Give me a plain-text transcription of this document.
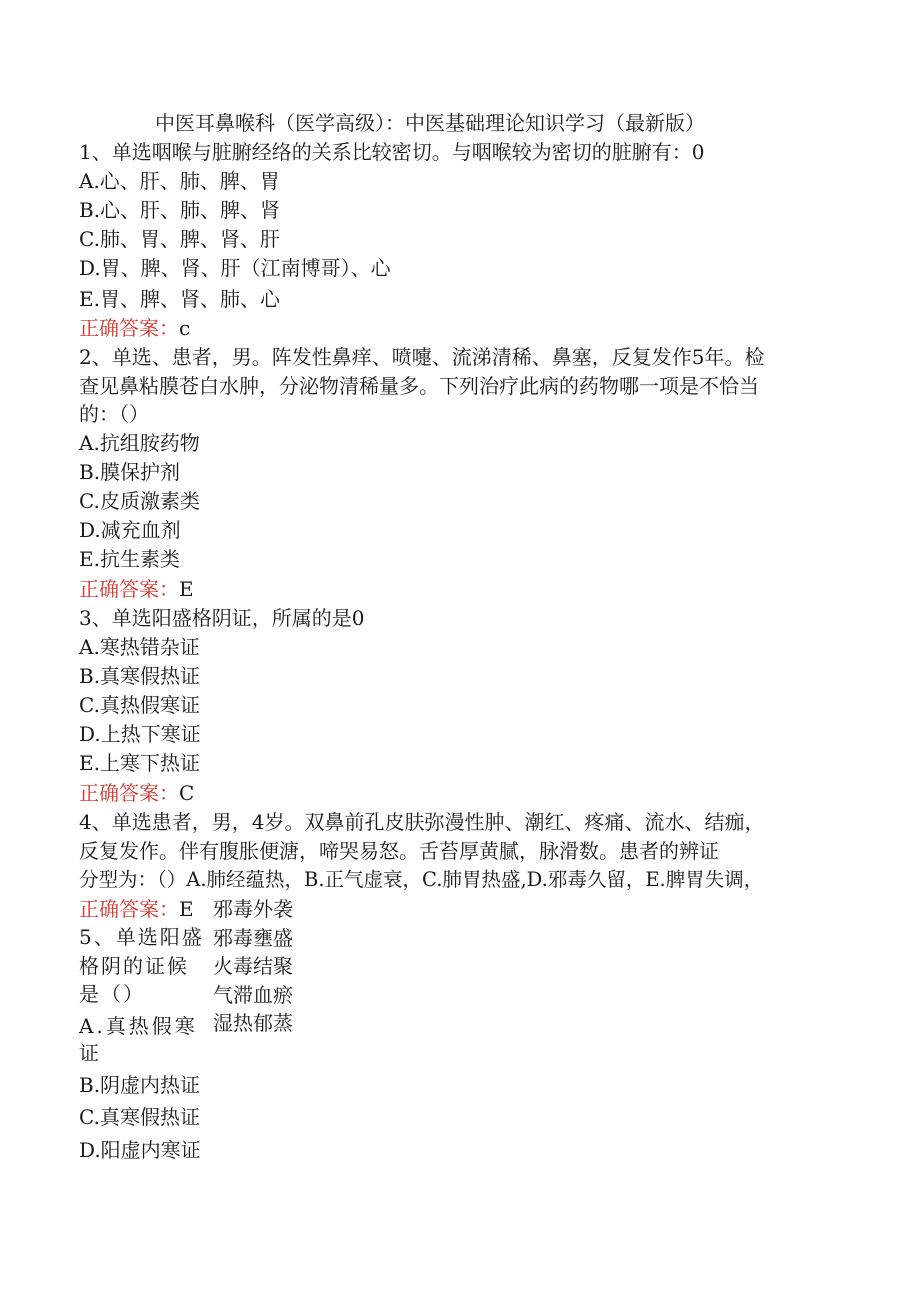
中医耳鼻喉科（医学高级）：中医基础理论知识学习（最新版）
1、单选咽喉与脏腑经络的关系比较密切。与咽喉较为密切的脏腑有：0
A.心、肝、肺、脾、胃
B.心、肝、肺、脾、肾
C.肺、胃、脾、肾、肝
D.胃、脾、肾、肝（江南博哥）、心
E.胃、脾、肾、肺、心
正确答案：c
2、单选、患者，男。阵发性鼻痒、喷嚏、流涕清稀、鼻塞，反复发作5年。检
查见鼻粘膜苍白水肿，分泌物清稀量多。下列治疗此病的药物哪一项是不恰当
的：（）
A.抗组胺药物
B.膜保护剂
C.皮质激素类
D.减充血剂
E.抗生素类
正确答案：E
3、单选阳盛格阴证，所属的是0
A.寒热错杂证
B.真寒假热证
C.真热假寒证
D.上热下寒证
E.上寒下热证
正确答案：C
4、单选患者，男，4岁。双鼻前孔皮肤弥漫性肿、潮红、疼痛、流水、结痂，
反复发作。伴有腹胀便溏，啼哭易怒。舌苔厚黄腻，脉滑数。患者的辨证
分型为：（）A.肺经蕴热，B.正气虚衰，C.肺胃热盛,D.邪毒久留，E.脾胃失调，
正确答案：E 邪毒外袭
邪毒壅盛
火毒结聚
气滞血瘀
湿热郁蒸
5、单选阳盛
格阴的证候
是（）
A.真热假寒
证
B.阴虚内热证
C.真寒假热证
D.阳虚内寒证
